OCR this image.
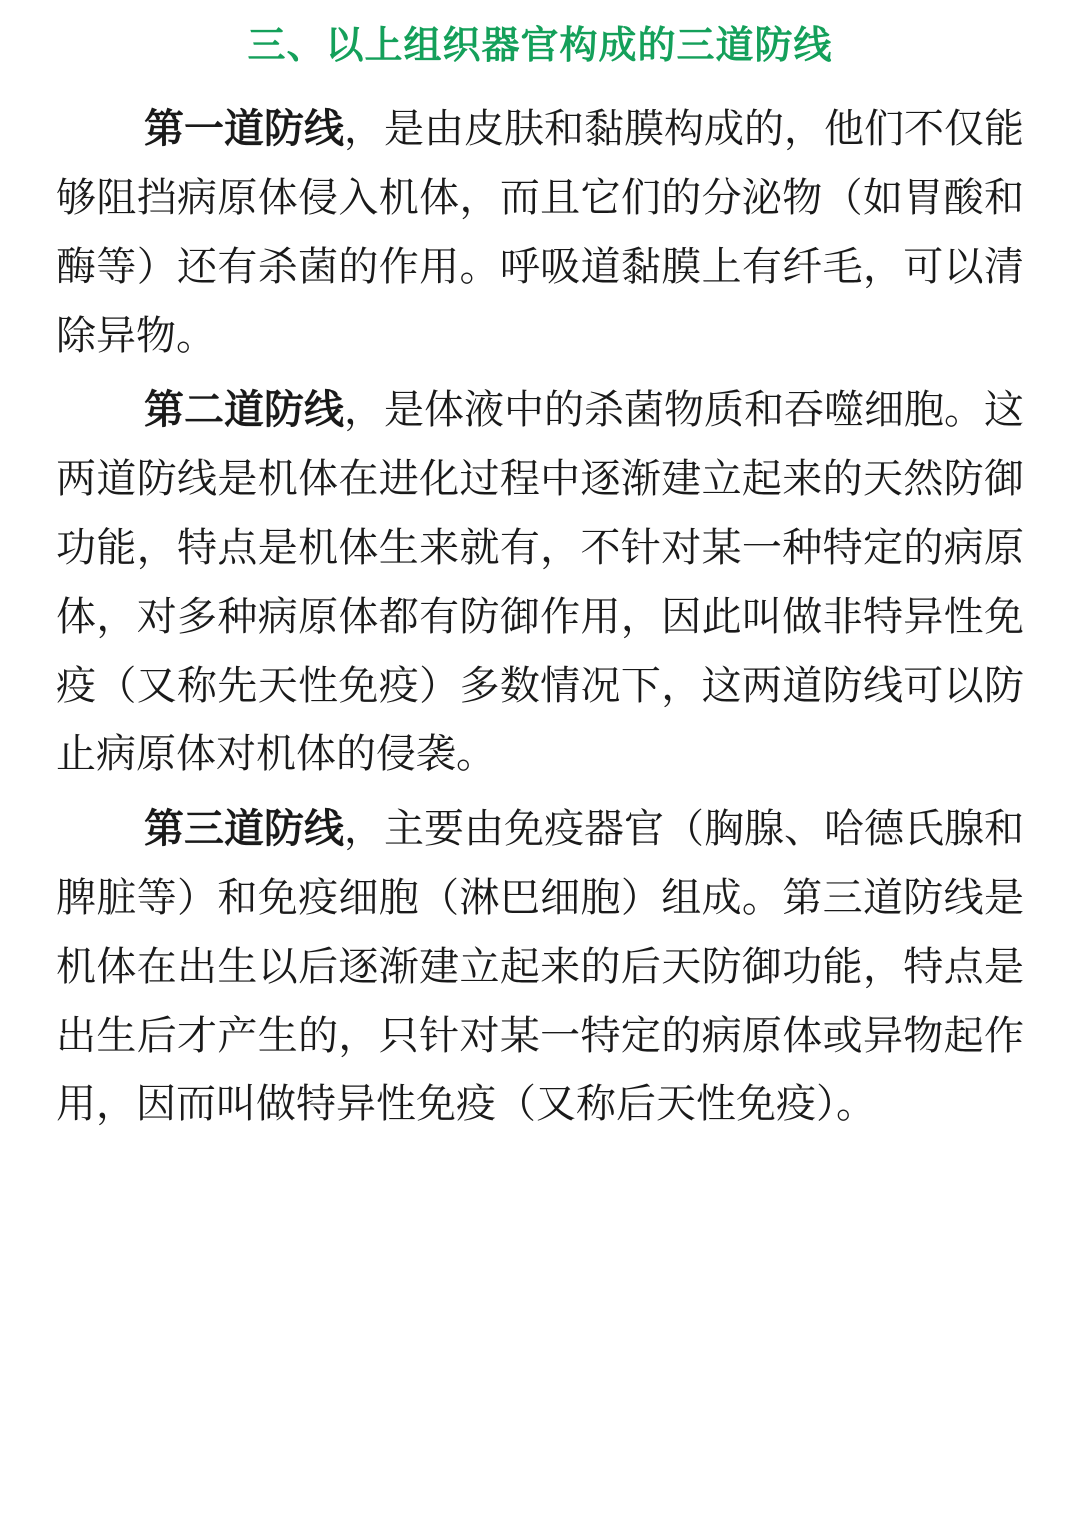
三、以上组织器官构成的三道防线

第一道防线，是由皮肤和黏膜构成的，他们不仅能够阻挡病原体侵入机体，而且它们的分泌物（如胃酸和酶等）还有杀菌的作用。呼吸道黏膜上有纤毛，可以清除异物。

第二道防线，是体液中的杀菌物质和吞噬细胞。这两道防线是机体在进化过程中逐渐建立起来的天然防御功能，特点是机体生来就有，不针对某一种特定的病原体，对多种病原体都有防御作用，因此叫做非特异性免疫（又称先天性免疫）多数情况下，这两道防线可以防止病原体对机体的侵袭。

第三道防线，主要由免疫器官（胸腺、哈德氏腺和脾脏等）和免疫细胞（淋巴细胞）组成。第三道防线是机体在出生以后逐渐建立起来的后天防御功能，特点是出生后才产生的，只针对某一特定的病原体或异物起作用，因而叫做特异性免疫（又称后天性免疫）。
